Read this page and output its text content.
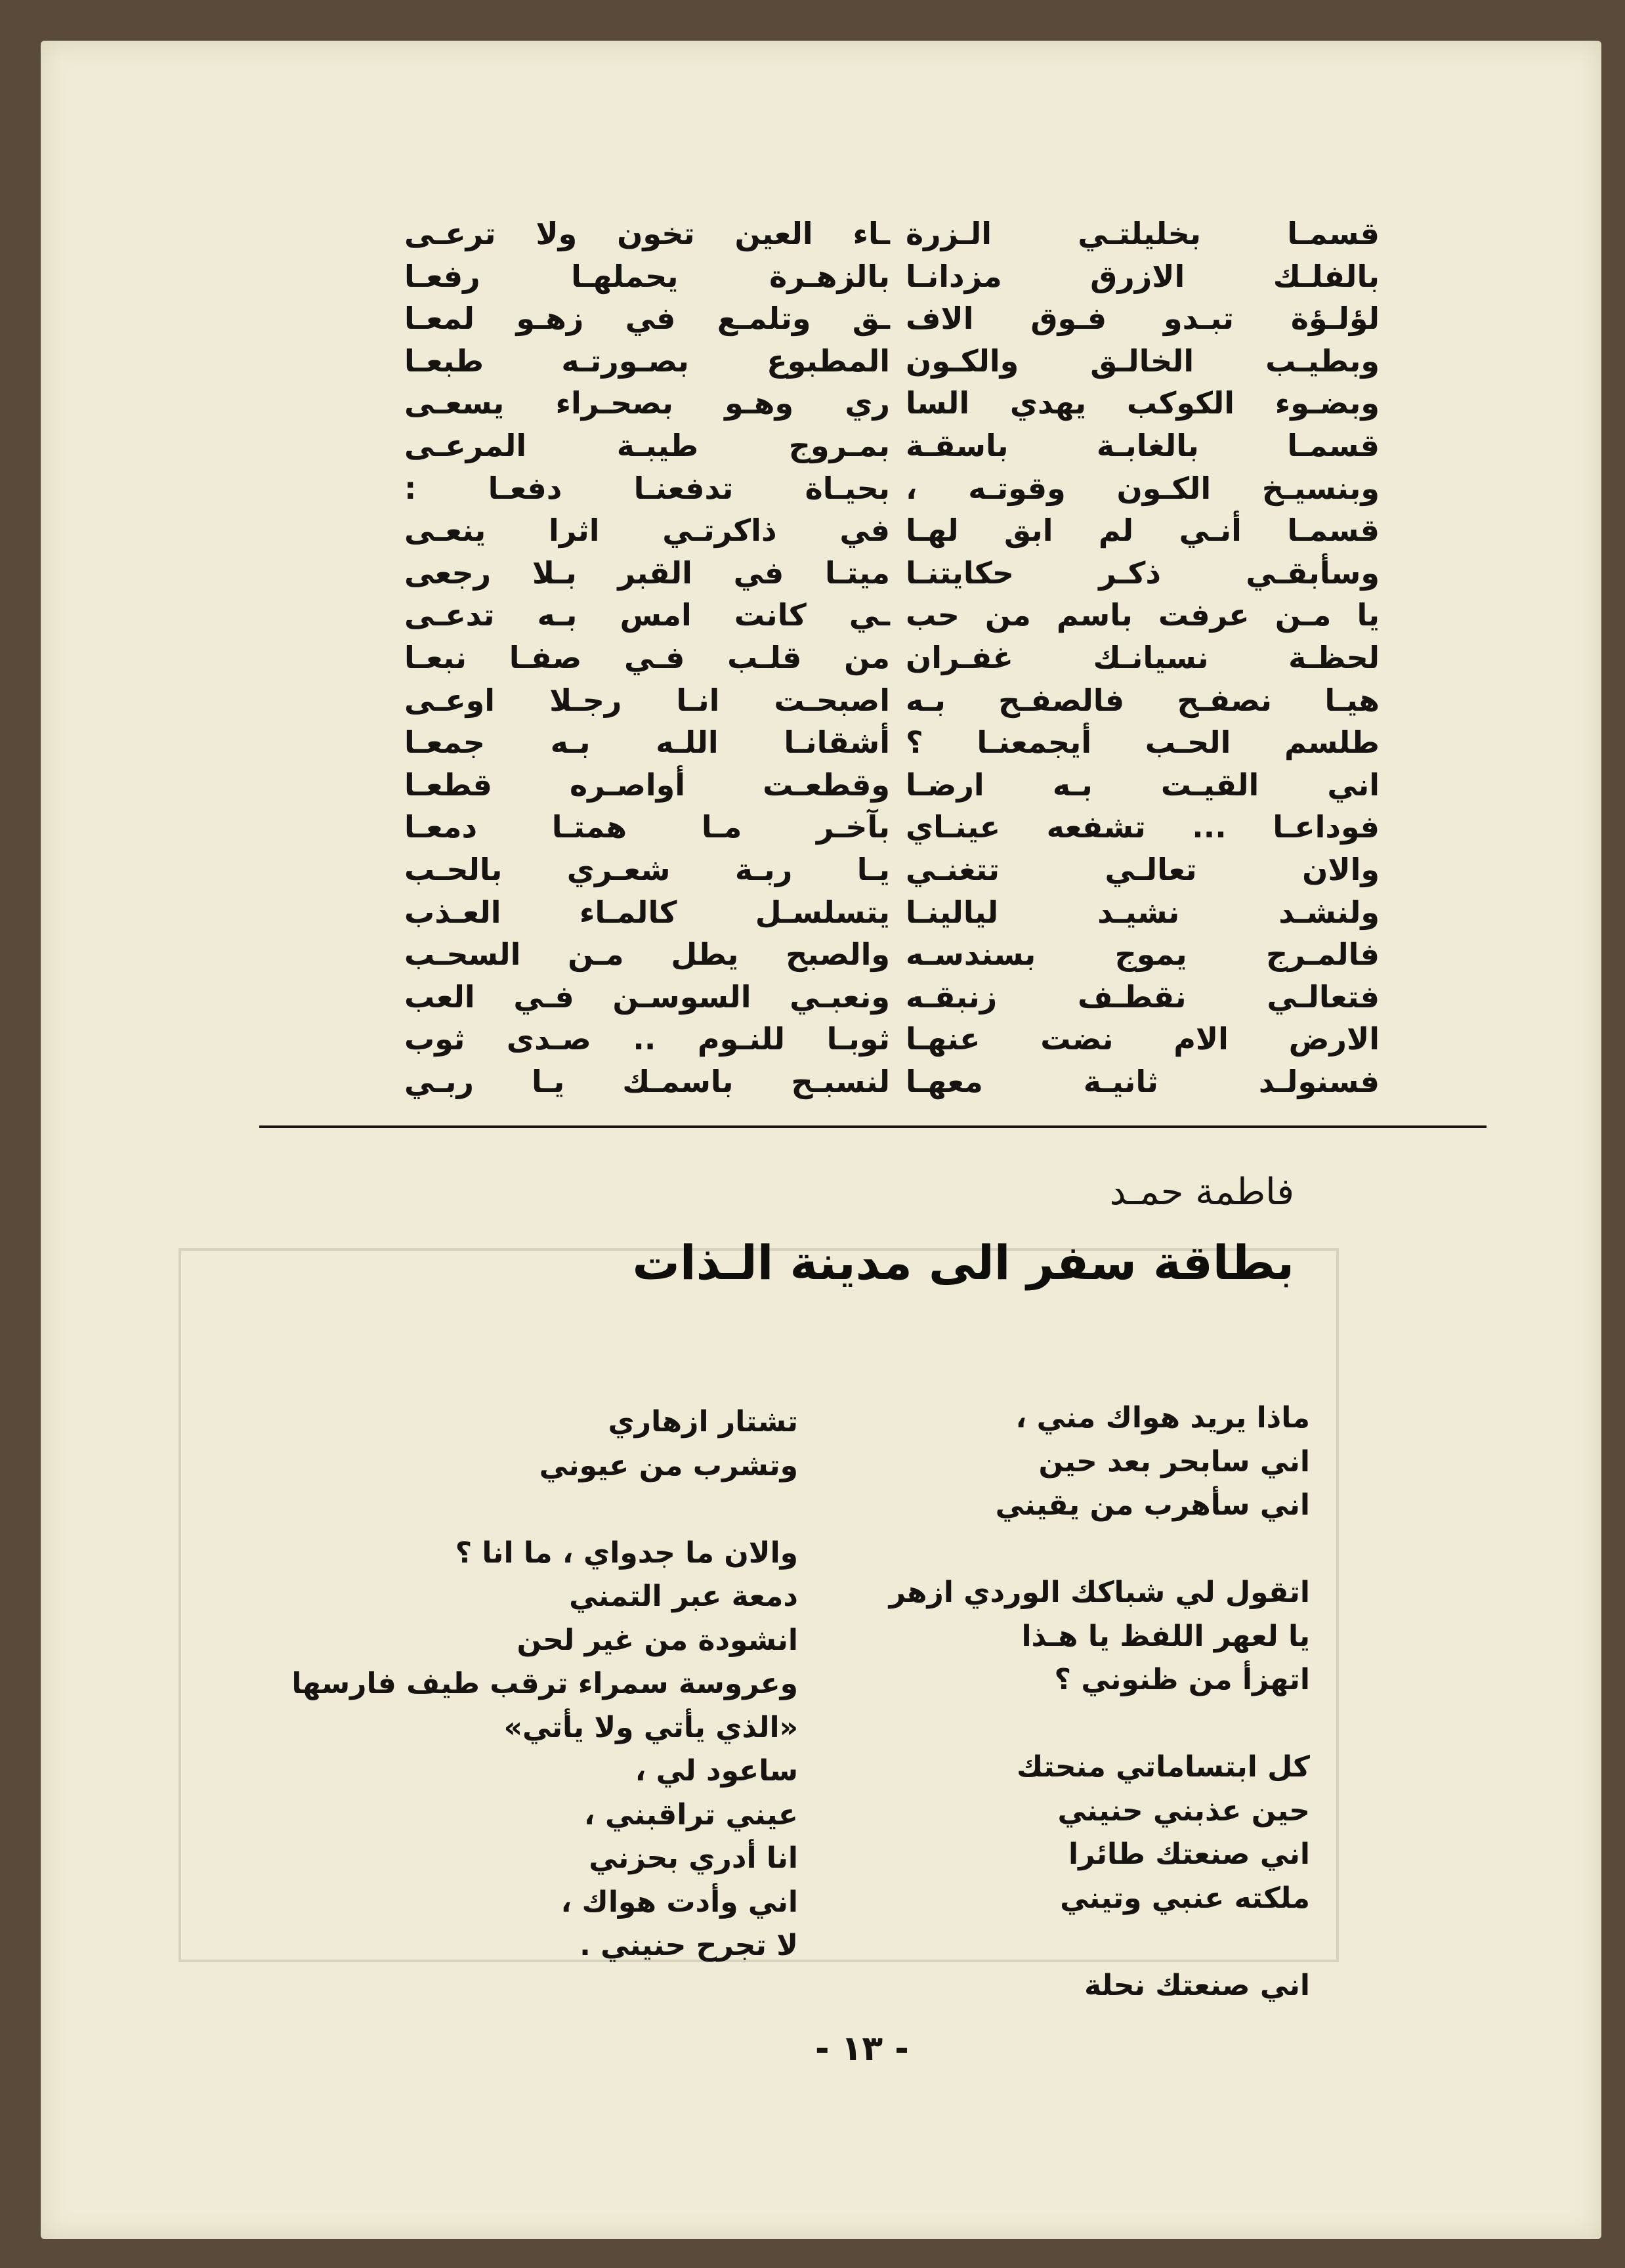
قسمـا بخليلتـي الـزرة
بالفلـك الازرق مزدانـا
لؤلـؤة تبـدو فـوق الاف
وبطيـب الخالـق والكـون
وبضـوء الكوكب يهدي السا
قسمـا بالغابـة باسقـة
وبنسيـخ الكـون وقوتـه ،
قسمـا أنـي لم ابق لهـا
وسأبقـي ذكـر حكايتنـا
يا مـن عرفت باسم من حب
لحظـة نسيانـك غفـران
هيـا نصفـح فالصفـح بـه
طلسم الحـب أيجمعنـا ؟
اني القيـت بـه ارضـا
فوداعـا ... تشفعه عينـاي
والان تعالـي تتغنـي
ولنشـد نشيـد ليالينـا
فالمـرج يموج بسندسـه
فتعالـي نقطـف زنبقـه
الارض الام نضت عنهـا
فسنولـد ثانيـة معهـا
ـاء العين تخون ولا ترعـى
بالزهـرة يحملهـا رفعـا
ـق وتلمـع في زهـو لمعـا
المطبوع بصـورتـه طبعـا
ري وهـو بصحـراء يسعـى
بمـروج طيبـة المرعـى
بحيـاة تدفعنـا دفعـا :
في ذاكرتـي اثرا ينعـى
ميتـا في القبر بـلا رجعى
ـي كانت امس بـه تدعـى
من قلـب فـي صفـا نبعـا
اصبحـت انـا رجـلا اوعـى
أشقانـا اللـه بـه جمعـا
وقطعـت أواصـره قطعـا
بآخـر مـا همتـا دمعـا
يـا ربـة شعـري بالحـب
يتسلسـل كالمـاء العـذب
والصبح يطل مـن السحـب
ونعبـي السوسـن فـي العب
ثوبـا للنـوم .. صـدى ثوب
لنسبـح باسمـك يـا ربـي
فاطمة حمـد
بطاقة سفر الى مدينة الـذات
ماذا يريد هواك مني ،
اني سابحر بعد حين
اني سأهرب من يقيني
اتقول لي شباكك الوردي ازهر
يا لعهر اللفظ يا هـذا
اتهزأ من ظنوني ؟
كل ابتساماتي منحتك
حين عذبني حنيني
اني صنعتك طائرا
ملكته عنبي وتيني
اني صنعتك نحلة
تشتار ازهاري
وتشرب من عيوني
والان ما جدواي ، ما انا ؟
دمعة عبر التمني
انشودة من غير لحن
وعروسة سمراء ترقب طيف فارسها
«الذي يأتي ولا يأتي»
ساعود لي ،
عيني تراقبني ،
انا أدري بحزني
اني وأدت هواك ،
لا تجرح حنيني .
- ١٣ -
